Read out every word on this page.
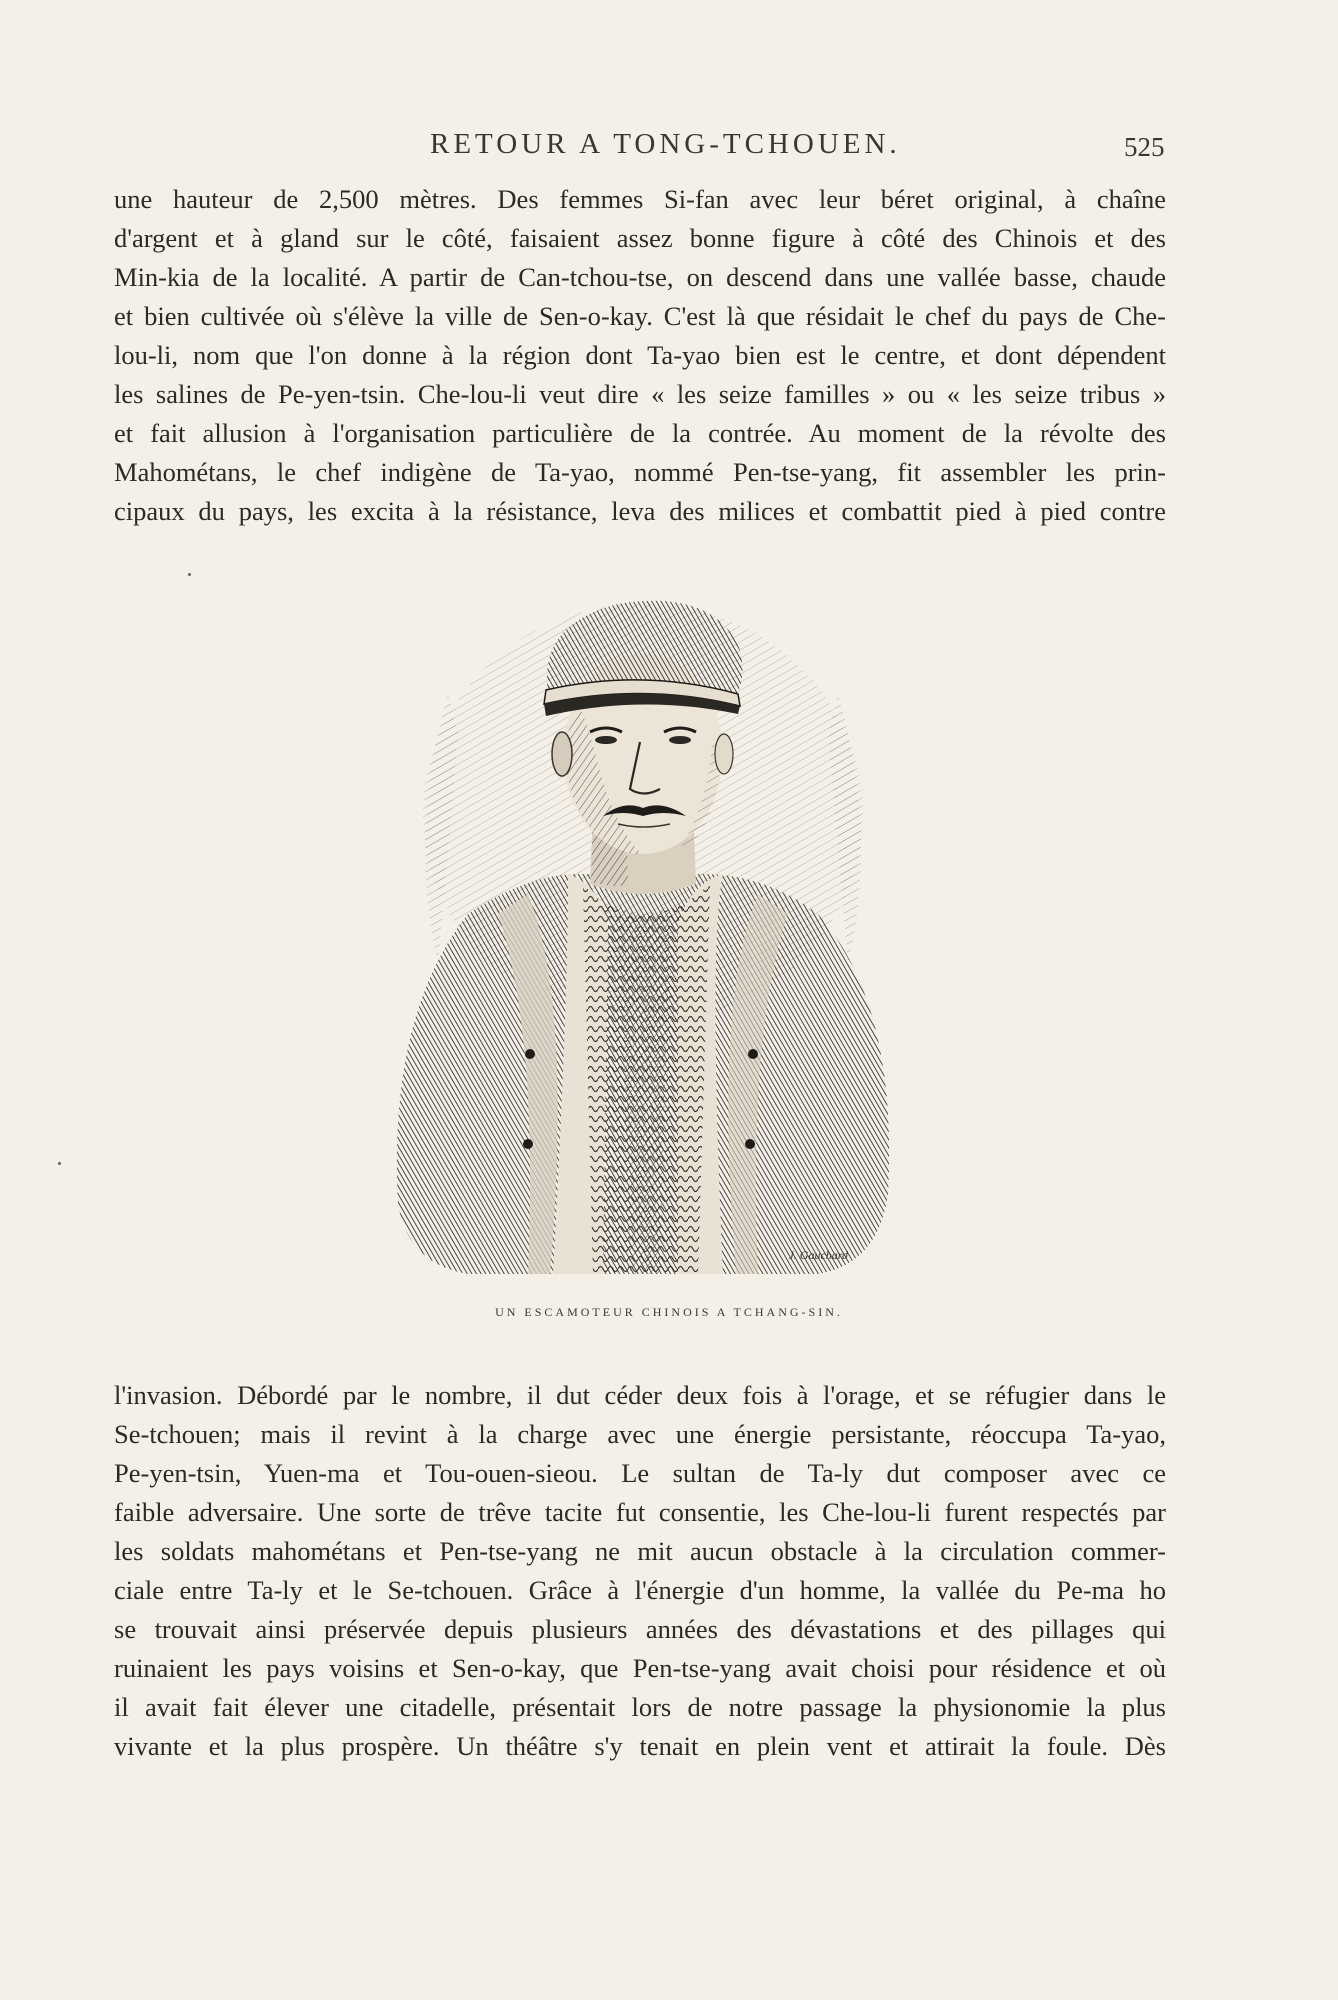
RETOUR A TONG-TCHOUEN.	525
une hauteur de 2,500 mètres. Des femmes Si-fan avec leur béret original, à chaîne
d'argent et à gland sur le côté, faisaient assez bonne figure à côté des Chinois et des
Min-kia de la localité. A partir de Can-tchou-tse, on descend dans une vallée basse, chaude
et bien cultivée où s'élève la ville de Sen-o-kay. C'est là que résidait le chef du pays de Che-
lou-li, nom que l'on donne à la région dont Ta-yao bien est le centre, et dont dépendent
les salines de Pe-yen-tsin. Che-lou-li veut dire « les seize familles » ou « les seize tribus »
et fait allusion à l'organisation particulière de la contrée. Au moment de la révolte des
Mahométans, le chef indigène de Ta-yao, nommé Pen-tse-yang, fit assembler les prin-
cipaux du pays, les excita à la résistance, leva des milices et combattit pied à pied contre
J. Gauchard
UN ESCAMOTEUR CHINOIS A TCHANG-SIN.
l'invasion. Débordé par le nombre, il dut céder deux fois à l'orage, et se réfugier dans le
Se-tchouen; mais il revint à la charge avec une énergie persistante, réoccupa Ta-yao,
Pe-yen-tsin, Yuen-ma et Tou-ouen-sieou. Le sultan de Ta-ly dut composer avec ce
faible adversaire. Une sorte de trêve tacite fut consentie, les Che-lou-li furent respectés par
les soldats mahométans et Pen-tse-yang ne mit aucun obstacle à la circulation commer-
ciale entre Ta-ly et le Se-tchouen. Grâce à l'énergie d'un homme, la vallée du Pe-ma ho
se trouvait ainsi préservée depuis plusieurs années des dévastations et des pillages qui
ruinaient les pays voisins et Sen-o-kay, que Pen-tse-yang avait choisi pour résidence et où
il avait fait élever une citadelle, présentait lors de notre passage la physionomie la plus
vivante et la plus prospère. Un théâtre s'y tenait en plein vent et attirait la foule. Dès
